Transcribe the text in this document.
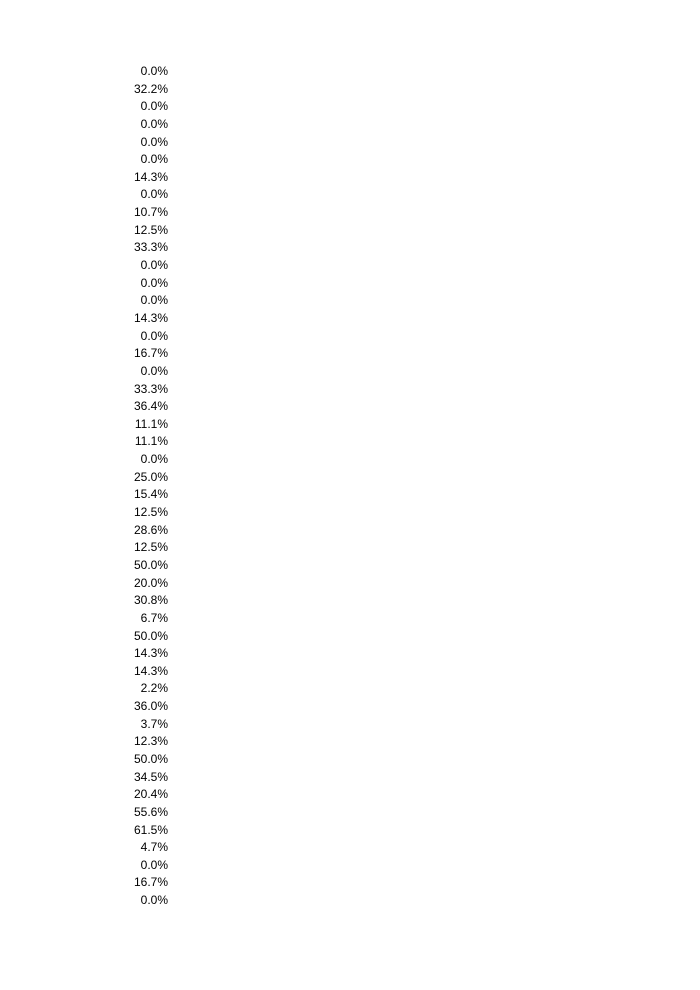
0.0%
32.2%
0.0%
0.0%
0.0%
0.0%
14.3%
0.0%
10.7%
12.5%
33.3%
0.0%
0.0%
0.0%
14.3%
0.0%
16.7%
0.0%
33.3%
36.4%
11.1%
11.1%
0.0%
25.0%
15.4%
12.5%
28.6%
12.5%
50.0%
20.0%
30.8%
6.7%
50.0%
14.3%
14.3%
2.2%
36.0%
3.7%
12.3%
50.0%
34.5%
20.4%
55.6%
61.5%
4.7%
0.0%
16.7%
0.0%
